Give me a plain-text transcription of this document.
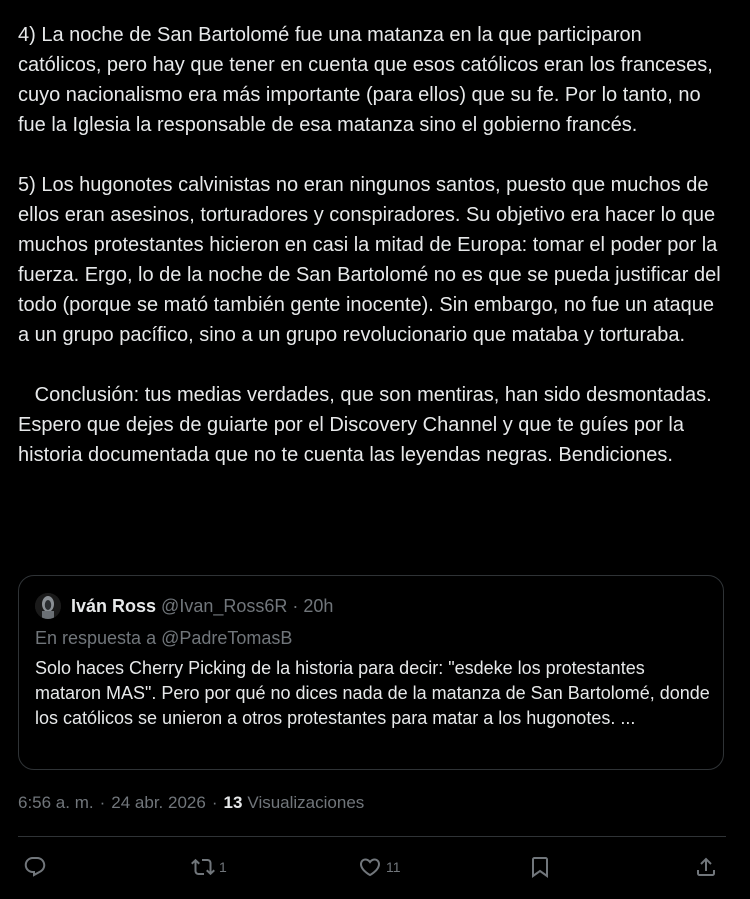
4) La noche de San Bartolomé fue una matanza en la que participaron católicos, pero hay que tener en cuenta que esos católicos eran los franceses, cuyo nacionalismo era más importante (para ellos) que su fe. Por lo tanto, no fue la Iglesia la responsable de esa matanza sino el gobierno francés.

5) Los hugonotes calvinistas no eran ningunos santos, puesto que muchos de ellos eran asesinos, torturadores y conspiradores. Su objetivo era hacer lo que muchos protestantes hicieron en casi la mitad de Europa: tomar el poder por la fuerza. Ergo, lo de la noche de San Bartolomé no es que se pueda justificar del todo (porque se mató también gente inocente). Sin embargo, no fue un ataque a un grupo pacífico, sino a un grupo revolucionario que mataba y torturaba.

Conclusión: tus medias verdades, que son mentiras, han sido desmontadas. Espero que dejes de guiarte por el Discovery Channel y que te guíes por la historia documentada que no te cuenta las leyendas negras. Bendiciones.

Iván Ross @Ivan_Ross6R · 20h
En respuesta a @PadreTomasB
Solo haces Cherry Picking de la historia para decir: "esdeke los protestantes mataron MAS". Pero por qué no dices nada de la matanza de San Bartolomé, donde los católicos se unieron a otros protestantes para matar a los hugonotes. ...
6:56 a. m. · 24 abr. 2026 · 13 Visualizaciones
1	11
